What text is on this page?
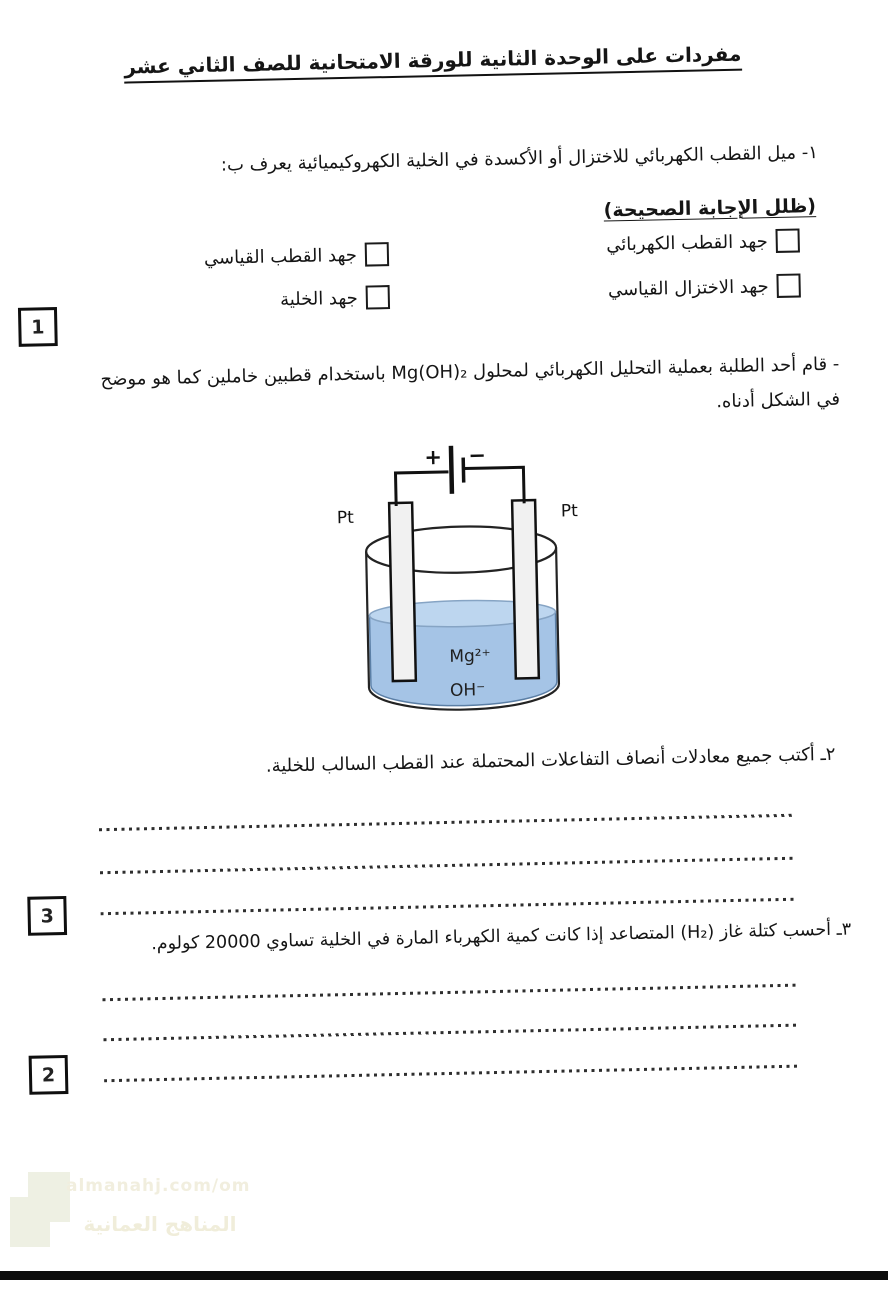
مفردات على الوحدة الثانية للورقة الامتحانية للصف الثاني عشر
١- ميل القطب الكهربائي للاختزال أو الأكسدة في الخلية الكهروكيميائية يعرف ب:
(ظلل الإجابة الصحيحة)
جهد القطب الكهربائي
جهد القطب القياسي
جهد الاختزال القياسي
جهد الخلية
1
- قام أحد الطلبة بعملية التحليل الكهربائي لمحلول Mg(OH)₂ باستخدام قطبين خاملين كما هو موضح
في الشكل أدناه.
+ −
Pt	Pt
Mg²⁺
OH⁻
٢ـ أكتب جميع معادلات أنصاف التفاعلات المحتملة عند القطب السالب للخلية.
3
٣ـ أحسب كتلة غاز (H₂) المتصاعد إذا كانت كمية الكهرباء المارة في الخلية تساوي 20000 كولوم.
2
almanahj.com/om
المناهج العمانية
